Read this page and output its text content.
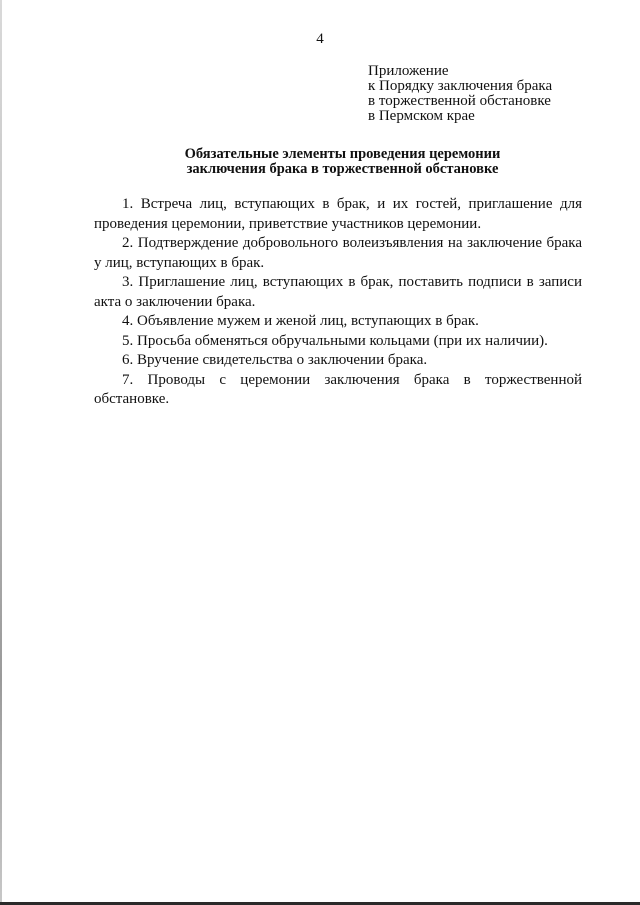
4
Приложение
к Порядку заключения брака
в торжественной обстановке
в Пермском крае
Обязательные элементы проведения церемонии
заключения брака в торжественной обстановке

1. Встреча лиц, вступающих в брак, и их гостей, приглашение для проведения церемонии, приветствие участников церемонии.

2. Подтверждение добровольного волеизъявления на заключение брака у лиц, вступающих в брак.

3. Приглашение лиц, вступающих в брак, поставить подписи в записи акта о заключении брака.

4. Объявление мужем и женой лиц, вступающих в брак.

5. Просьба обменяться обручальными кольцами (при их наличии).

6. Вручение свидетельства о заключении брака.

7. Проводы с церемонии заключения брака в торжественной обстановке.
